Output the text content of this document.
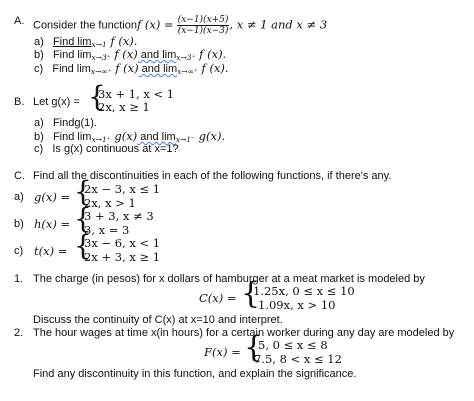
A. Consider the functionf $(x) = \frac{(x-1)(x+5)}{(x-1)(x-3)}$ , x ≠ 1 and x ≠ 3
a) Find $\lim_{x\to 1} f$ (x).
b) Find $\lim_{x\to 3^+} f$ (x) and $\lim_{x\to 3^+} f$ (x).
c) Find $\lim_{x\to\infty^+} f$ (x) and $\lim_{x\to\infty^+} f$ (x).
B. Let g(x) = {
3x + 1, x < 1
2x, x ≥ 1
a) Findg(1).
b) Find $\lim_{x\to 1^+} g(x)$ and $\lim_{x\to 1^-} g(x)$.
c) Is g(x) continuous at x=1?
C. Find all the discontinuities in each of the following functions, if there's any.
a) g(x) = {
2x − 3, x ≤ 1
2x, x > 1
b) h(x) = {
3 + 3, x ≠ 3
3, x = 3
c) t(x) = {
3x − 6, x < 1
2x + 3, x ≥ 1
1. The charge (in pesos) for x dollars of hamburger at a meat market is modeled by
C(x) = {
1.25x, 0 ≤ x ≤ 10
1.09x, x > 10
Discuss the continuity of C(x) at x=10 and interpret.
2. The hour wages at time x(in hours) for a certain worker during any day are modeled by
F(x) = {
5, 0 ≤ x ≤ 8
7.5, 8 < x ≤ 12
Find any discontinuity in this function, and explain the significance.
